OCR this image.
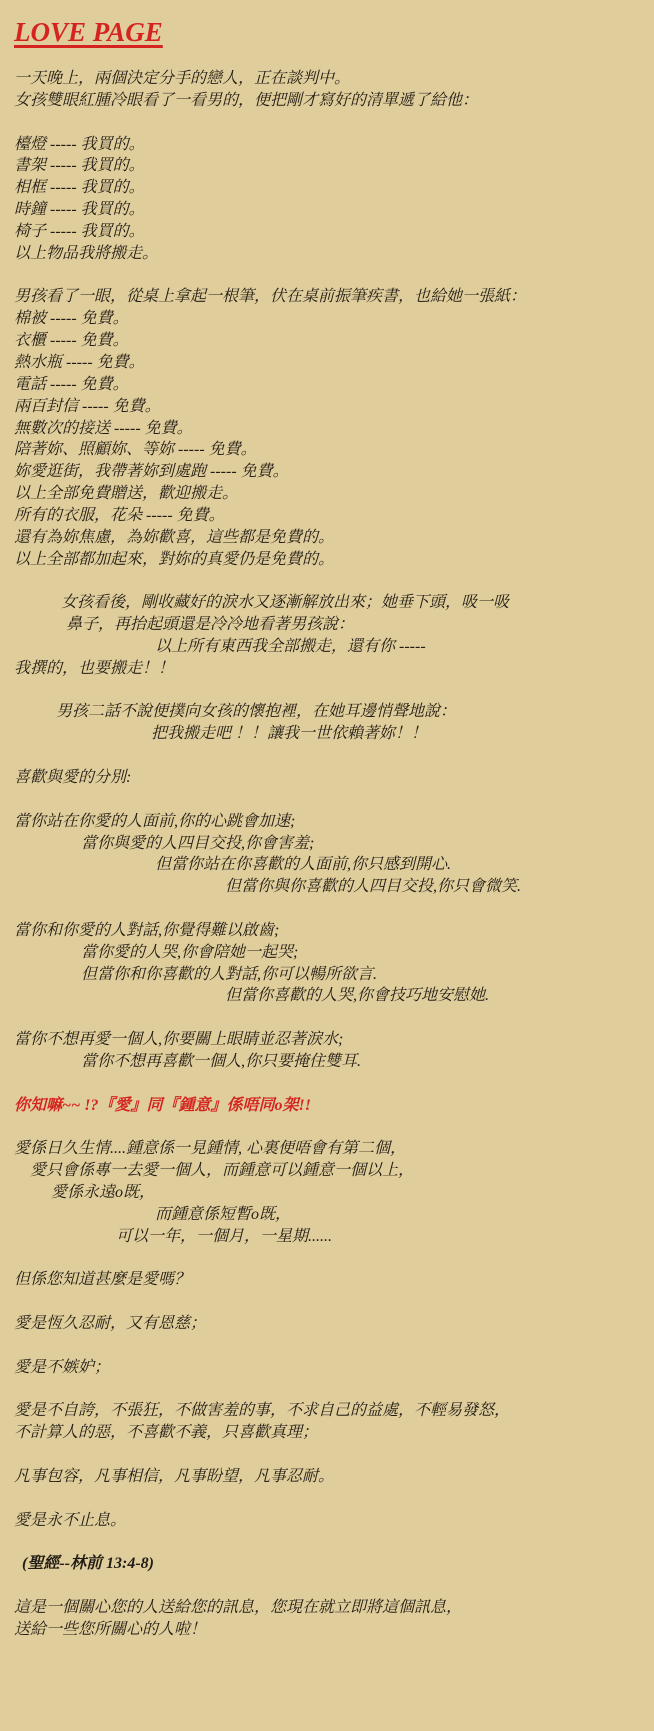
LOVE PAGE
一天晚上，兩個決定分手的戀人，正在談判中。
女孩雙眼紅腫冷眼看了一看男的，便把剛才寫好的清單遞了給他：
檯燈 ----- 我買的。
書架 ----- 我買的。
相框 ----- 我買的。
時鐘 ----- 我買的。
椅子 ----- 我買的。
以上物品我將搬走。
男孩看了一眼，從桌上拿起一根筆，伏在桌前振筆疾書，也給她一張紙：
棉被 ----- 免費。
衣櫃 ----- 免費。
熱水瓶 ----- 免費。
電話 ----- 免費。
兩百封信 ----- 免費。
無數次的接送 ----- 免費。
陪著妳、照顧妳、等妳 ----- 免費。
妳愛逛街，我帶著妳到處跑 ----- 免費。
以上全部免費贈送，歡迎搬走。
所有的衣服，花朵 ----- 免費。
還有為妳焦慮，為妳歡喜，這些都是免費的。
以上全部都加起來，對妳的真愛仍是免費的。
女孩看後，剛收藏好的淚水又逐漸解放出來；她垂下頭，吸一吸
鼻子，再抬起頭還是冷冷地看著男孩說：
以上所有東西我全部搬走，還有你 -----
我撰的，也要搬走！！
男孩二話不說便撲向女孩的懷抱裡，在她耳邊悄聲地說：
把我搬走吧 ！！讓我一世依賴著妳！！
喜歡與愛的分別:
當你站在你愛的人面前,你的心跳會加速;
當你與愛的人四目交投,你會害羞;
但當你站在你喜歡的人面前,你只感到開心.
但當你與你喜歡的人四目交投,你只會微笑.
當你和你愛的人對話,你覺得難以啟齒;
當你愛的人哭,你會陪她一起哭;
但當你和你喜歡的人對話,你可以暢所欲言.
但當你喜歡的人哭,你會技巧地安慰她.
當你不想再愛一個人,你要關上眼睛並忍著淚水;
當你不想再喜歡一個人,你只要掩住雙耳.
你知嘛~~ !?『愛』同『鍾意』係唔同o架!!
愛係日久生情....鍾意係一見鍾情, 心裏便唔會有第二個，
愛只會係專一去愛一個人，而鍾意可以鍾意一個以上，
愛係永遠o既，
而鍾意係短暫o既，
可以一年，一個月，一星期......
但係您知道甚麼是愛嗎？
愛是恆久忍耐，又有恩慈；
愛是不嫉妒；
愛是不自誇，不張狂，不做害羞的事，不求自己的益處，不輕易發怒，
不計算人的惡，不喜歡不義，只喜歡真理；
凡事包容，凡事相信，凡事盼望，凡事忍耐。
愛是永不止息。
(聖經--林前 13:4-8)
這是一個關心您的人送給您的訊息，您現在就立即將這個訊息，
送給一些您所關心的人啦！
